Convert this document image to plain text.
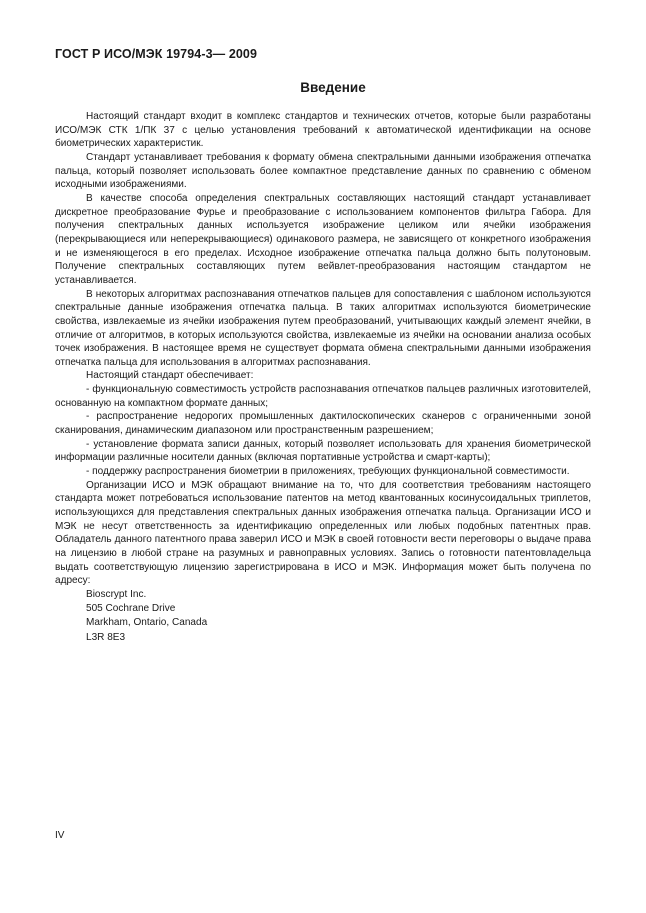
ГОСТ Р ИСО/МЭК 19794-3— 2009
Введение

Настоящий стандарт входит в комплекс стандартов и технических отчетов, которые были разработаны ИСО/МЭК СТК 1/ПК 37 с целью установления требований к автоматической идентификации на основе биометрических характеристик.

Стандарт устанавливает требования к формату обмена спектральными данными изображения отпечатка пальца, который позволяет использовать более компактное представление данных по сравнению с обменом исходными изображениями.

В качестве способа определения спектральных составляющих настоящий стандарт устанавливает дискретное преобразование Фурье и преобразование с использованием компонентов фильтра Габора. Для получения спектральных данных используется изображение целиком или ячейки изображения (перекрывающиеся или неперекрывающиеся) одинакового размера, не зависящего от конкретного изображения и не изменяющегося в его пределах. Исходное изображение отпечатка пальца должно быть полутоновым. Получение спектральных составляющих путем вейвлет-преобразования настоящим стандартом не устанавливается.

В некоторых алгоритмах распознавания отпечатков пальцев для сопоставления с шаблоном используются спектральные данные изображения отпечатка пальца. В таких алгоритмах используются биометрические свойства, извлекаемые из ячейки изображения путем преобразований, учитывающих каждый элемент ячейки, в отличие от алгоритмов, в которых используются свойства, извлекаемые из ячейки на основании анализа особых точек изображения. В настоящее время не существует формата обмена спектральными данными изображения отпечатка пальца для использования в алгоритмах распознавания.

Настоящий стандарт обеспечивает:

- функциональную совместимость устройств распознавания отпечатков пальцев различных изготовителей, основанную на компактном формате данных;

- распространение недорогих промышленных дактилоскопических сканеров с ограниченными зоной сканирования, динамическим диапазоном или пространственным разрешением;

- установление формата записи данных, который позволяет использовать для хранения биометрической информации различные носители данных (включая портативные устройства и смарт-карты);

- поддержку распространения биометрии в приложениях, требующих функциональной совместимости.

Организации ИСО и МЭК обращают внимание на то, что для соответствия требованиям настоящего стандарта может потребоваться использование патентов на метод квантованных косинусоидальных триплетов, использующихся для представления спектральных данных изображения отпечатка пальца. Организации ИСО и МЭК не несут ответственность за идентификацию определенных или любых подобных патентных прав. Обладатель данного патентного права заверил ИСО и МЭК в своей готовности вести переговоры о выдаче права на лицензию в любой стране на разумных и равноправных условиях. Запись о готовности патентовладельца выдать соответствующую лицензию зарегистрирована в ИСО и МЭК. Информация может быть получена по адресу:

Bioscrypt Inc.
505 Cochrane Drive
Markham, Ontario, Canada
L3R 8E3
IV
